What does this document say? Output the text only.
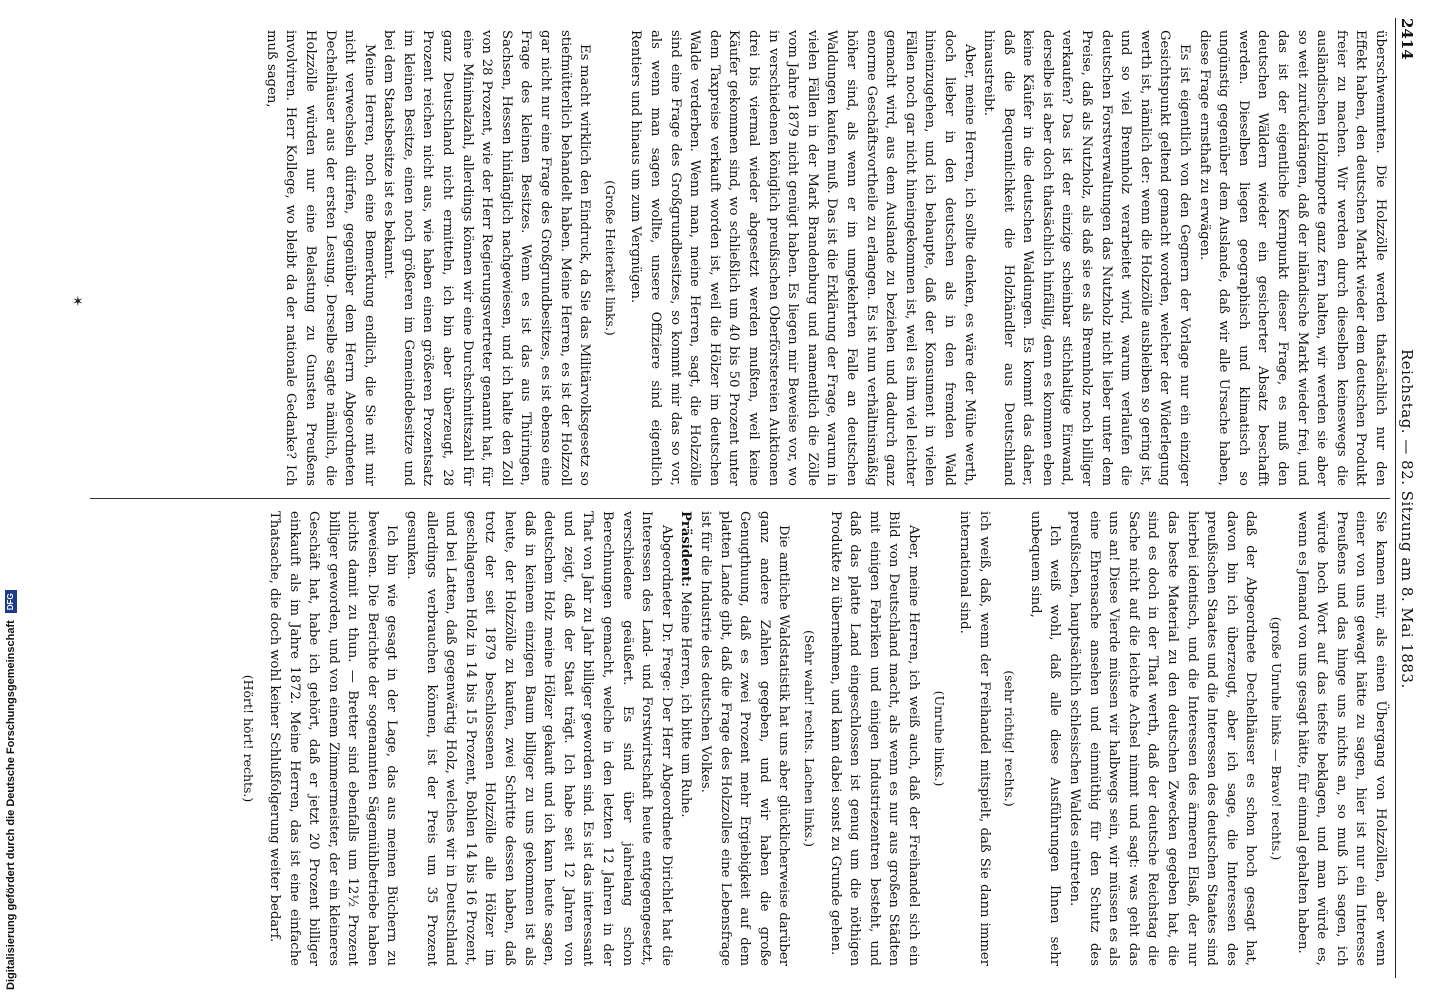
2414
Reichstag. — 82. Sitzung am 8. Mai 1883.

überschwemmten. Die Holzzölle werden thatsächlich nur den Effekt haben, den deutschen Markt wieder dem deutschen Produkt freier zu machen. Wir werden durch dieselben keineswegs die ausländischen Holzimporte ganz fern halten, wir werden sie aber so weit zurückdrängen, daß der inländische Markt wieder frei, und das ist der eigentliche Kernpunkt dieser Frage, es muß den deutschen Wäldern wieder ein gesicherter Absatz beschafft werden. Dieselben liegen geographisch und klimatisch so ungünstig gegenüber dem Auslande, daß wir alle Ursache haben, diese Frage ernsthaft zu erwägen.

Es ist eigentlich von den Gegnern der Vorlage nur ein einziger Gesichtspunkt geltend gemacht worden, welcher der Widerlegung werth ist, nämlich der: wenn die Holzzölle ausbleiben so gering ist, und so viel Brennholz verarbeitet wird, warum verlaufen die deutschen Forstverwaltungen das Nutzholz nicht lieber unter dem Preise, daß als Nutzholz, als daß sie es als Brennholz noch billiger verkaufen? Das ist der einzige scheinbar stichhaltige Einwand, derselbe ist aber doch thatsächlich hinfällig, denn es kommen eben keine Käufer in die deutschen Waldungen. Es kommt das daher, daß die Bequemlichkeit die Holzhändler aus Deutschland hinaustreibt.

Aber, meine Herren, ich sollte denken, es wäre der Mühe werth, doch lieber in den deutschen als in den fremden Wald hineinzugehen, und ich behaupte, daß der Konsument in vielen Fällen noch gar nicht hineingekommen ist, weil es ihm viel leichter gemacht wird, aus dem Auslande zu beziehen und dadurch ganz enorme Geschäftsvortheile zu erlangen. Es ist nun verhältnismäßig höher sind, als wenn er im umgekehrten Falle an deutschen Waldungen kaufen muß. Das ist die Erklärung der Frage, warum in vielen Fällen in der Mark Brandenburg und namentlich die Zölle vom Jahre 1879 nicht genügt haben. Es liegen mir Beweise vor, wo in verschiedenen königlich preußischen Oberförstereien Auktionen drei bis viermal wieder abgesetzt werden mußten, weil keine Käufer gekommen sind, wo schließlich um 40 bis 50 Prozent unter dem Taxpreise verkauft worden ist, weil die Hölzer im deutschen Walde verderben. Wenn man, meine Herren, sagt, die Holzzölle sind eine Frage des Großgrundbesitzes, so kommt mir das so vor, als wenn man sagen wollte, unsere Offiziere sind eigentlich Rentiers und hinaus um zum Vergnügen.

(Große Heiterkeit links.)

Es macht wirklich den Eindruck, da Sie das Militärvolksgesetz so stiefmütterlich behandelt haben. Meine Herren, es ist der Holzzoll gar nicht nur eine Frage des Großgrundbesitzes, es ist ebenso eine Frage des kleinen Besitzes. Wenn es ist das aus Thüringen, Sachsen, Hessen hinlänglich nachgewiesen, und ich halte den Zoll von 28 Prozent, wie der Herr Regierungsvertreter genannt hat, für eine Minimalzahl, allerdings können wir eine Durchschnittszahl für ganz Deutschland nicht ermitteln, ich bin aber überzeugt, 28 Prozent reichen nicht aus, wie haben einen größeren Prozentsatz im kleinen Besitze, einen noch größeren im Gemeindebesitze und bei dem Staatsbesitze ist es bekannt.

Meine Herren, noch eine Bemerkung endlich, die Sie mit mir nicht verwechseln dürfen, gegenüber dem Herrn Abgeordneten Dechelhäuser aus der ersten Lesung. Derselbe sagte nämlich, die Holzzölle würden nur eine Belastung zu Gunsten Preußens involviren. Herr Kollege, wo bleibt da der nationale Gedanke? Ich muß sagen,

Sie kamen mir, als einen Übergang von Holzzöllen, aber wenn einer von uns gewagt hätte zu sagen, hier ist nur ein Interesse Preußens und das hinge uns nichts an, so muß ich sagen, ich würde hoch Wort auf das tiefste beklagen, und man würde es, wenn es Jemand von uns gesagt hätte, für einmal gehalten haben.

(große Unruhe links — Bravo! rechts.)

daß der Abgeordnete Dechelhäuser es schon hoch gesagt hat, davon bin ich überzeugt, aber ich sage, die Interessen des preußischen Staates und die Interessen des deutschen Staates sind hierbei identisch, und die Interessen des ärmeren Elsaß, der nur das beste Material zu den deutschen Zwecken gegeben hat, die sind es doch in der That werth, daß der deutsche Reichstag die Sache nicht auf die leichte Achsel nimmt und sagt: was geht das uns an! Diese Vierde müssen wir halbwegs sein, wir müssen es als eine Ehrensache ansehen und einmüthig für den Schutz des preußischen, hauptsächlich schlesischen Waldes eintreten.

Ich weiß wohl, daß alle diese Ausführungen Ihnen sehr unbequem sind,

(sehr richtig! rechts.)

ich weiß, daß, wenn der Freihandel mitspielt, daß Sie dann immer international sind.

(Unruhe links.)

Aber, meine Herren, ich weiß auch, daß der Freihandel sich ein Bild von Deutschland macht, als wenn es nur aus großen Städten mit einigen Fabriken und einigen Industriezentren besteht, und daß das platte Land eingeschlossen ist genug um die nöthigen Produkte zu übernehmen, und kann dabei sonst zu Grunde gehen.

(Sehr wahr! rechts. Lachen links.)

Die amtliche Waldstatistik hat uns aber glücklicherweise darüber ganz andere Zahlen gegeben, und wir haben die große Genugthuung, daß es zwei Prozent mehr Ergiebigkeit auf dem platten Lande gibt, daß die Frage des Holzzolles eine Lebensfrage ist für die Industrie des deutschen Volkes.

Präsident: Meine Herren, ich bitte um Ruhe.

Abgeordneter Dr. Frege: Der Herr Abgeordnete Dirichlet hat die Interessen des Land- und Forstwirtschaft heute entgegengesetzt, verschiedene geäußert. Es sind über jahrelang schon Berechnungen gemacht, welche in den letzten 12 Jahren in der That von Jahr zu Jahr billiger geworden sind. Es ist das interessant und zeigt, daß der Staat trägt. Ich habe seit 12 Jahren von deutschem Holz meine Hölzer gekauft und ich kann heute sagen, daß in keinem einzigen Baum billiger zu uns gekommen ist als heute, der Holzzölle zu kaufen, zwei Schritte dessen haben, daß trotz der seit 1879 beschlossenen Holzzölle alle Hölzer im geschlagenen Holz in 14 bis 15 Prozent, Bohlen 14 bis 16 Prozent, und bei Latten, daß gegenwärtig Holz, welches wir in Deutschland allerdings verbrauchen können, ist der Preis um 35 Prozent gesunken.

Ich bin wie gesagt in der Lage, das aus meinen Büchern zu beweisen. Die Berichte der sogenannten Sägemühlbetriebe haben nichts damit zu thun. — Bretter sind ebenfalls um 12½ Prozent billiger geworden, und von einem Zimmermeister, der ein kleineres Geschäft hat, habe ich gehört, daß er jetzt 20 Prozent billiger einkauft als im Jahre 1872. Meine Herren, das ist eine einfache Thatsache, die doch wohl keiner Schlußfolgerung weiter bedarf.

(Hört! hört! rechts.)
✶
Digitalisierung gefördert durch die Deutsche Forschungsgemeinschaft DFG
